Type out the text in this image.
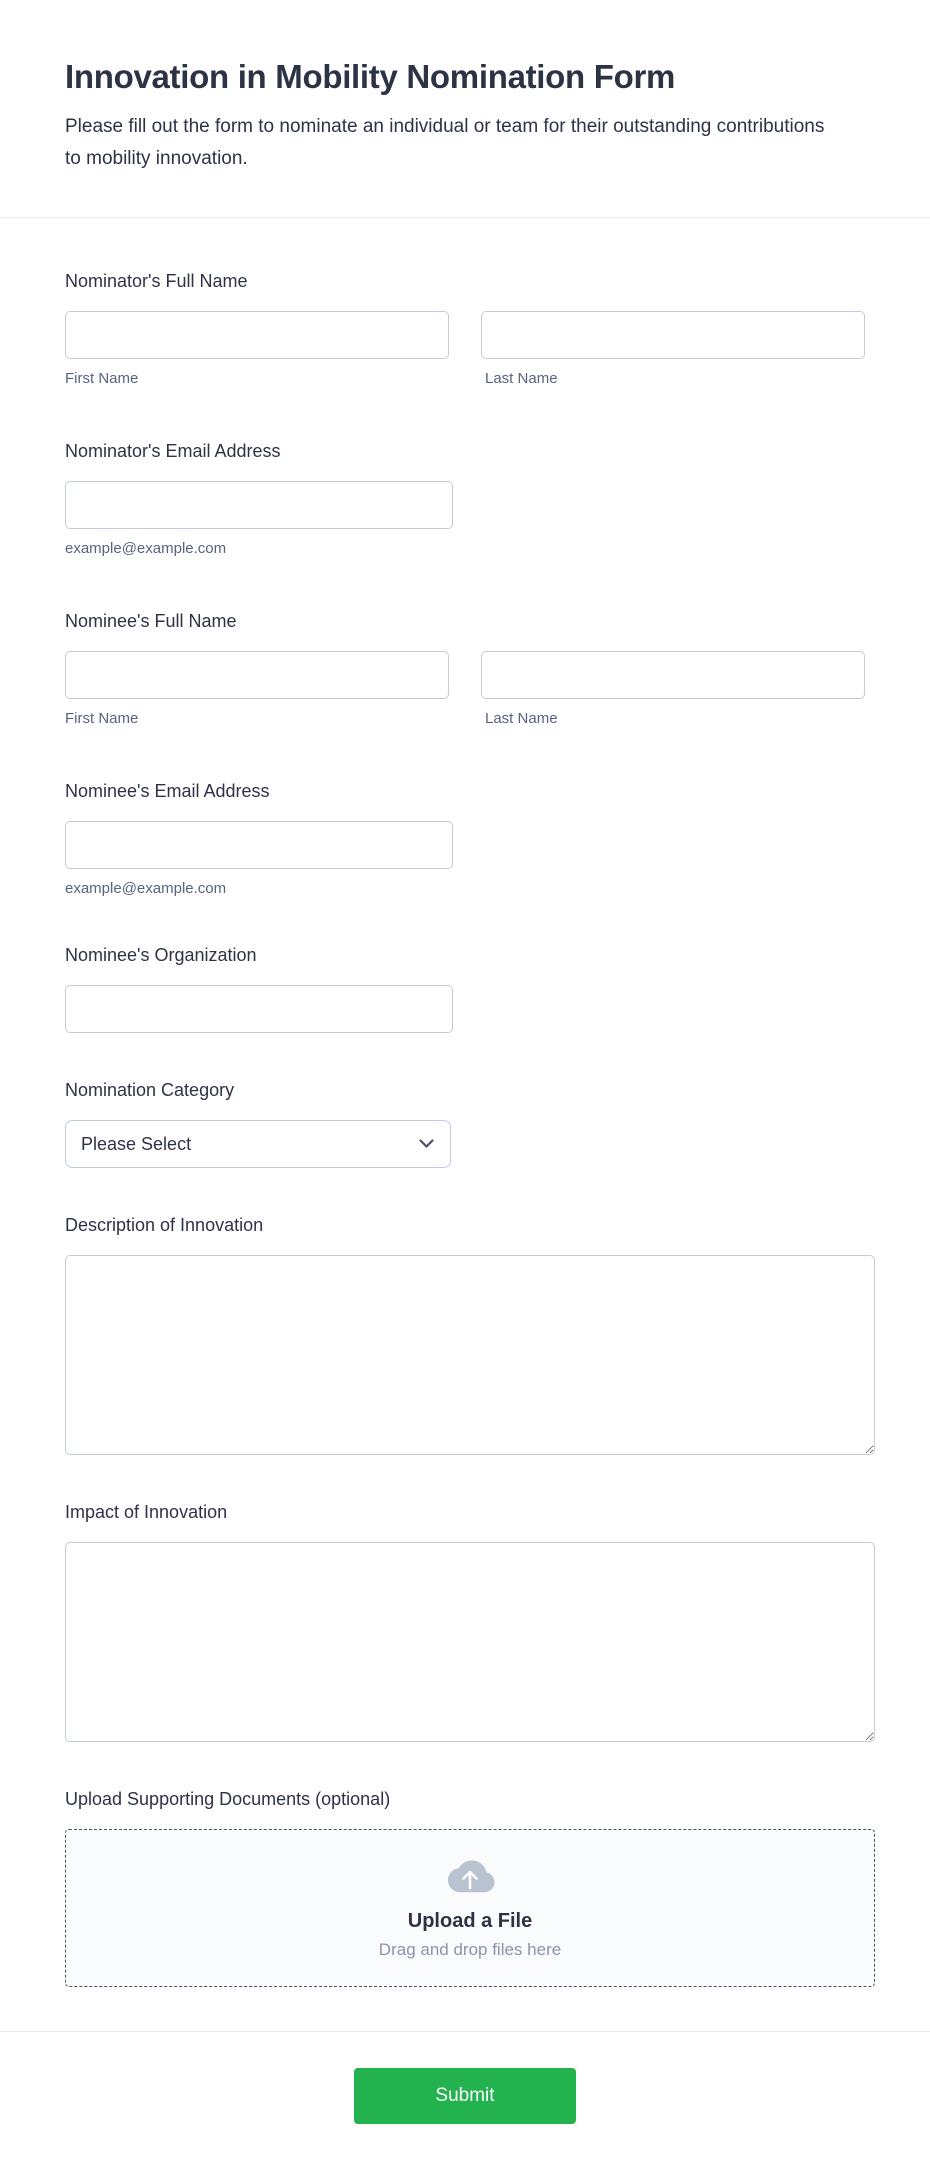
Innovation in Mobility Nomination Form

Please fill out the form to nominate an individual or team for their outstanding contributions to mobility innovation.

Nominator's Full Name
First Name	Last Name
Nominator's Email Address
example@example.com
Nominee's Full Name
First Name	Last Name
Nominee's Email Address
example@example.com
Nominee's Organization
Nomination Category
Please Select
Description of Innovation
Impact of Innovation
Upload Supporting Documents (optional)
Upload a File
Drag and drop files here
Submit
